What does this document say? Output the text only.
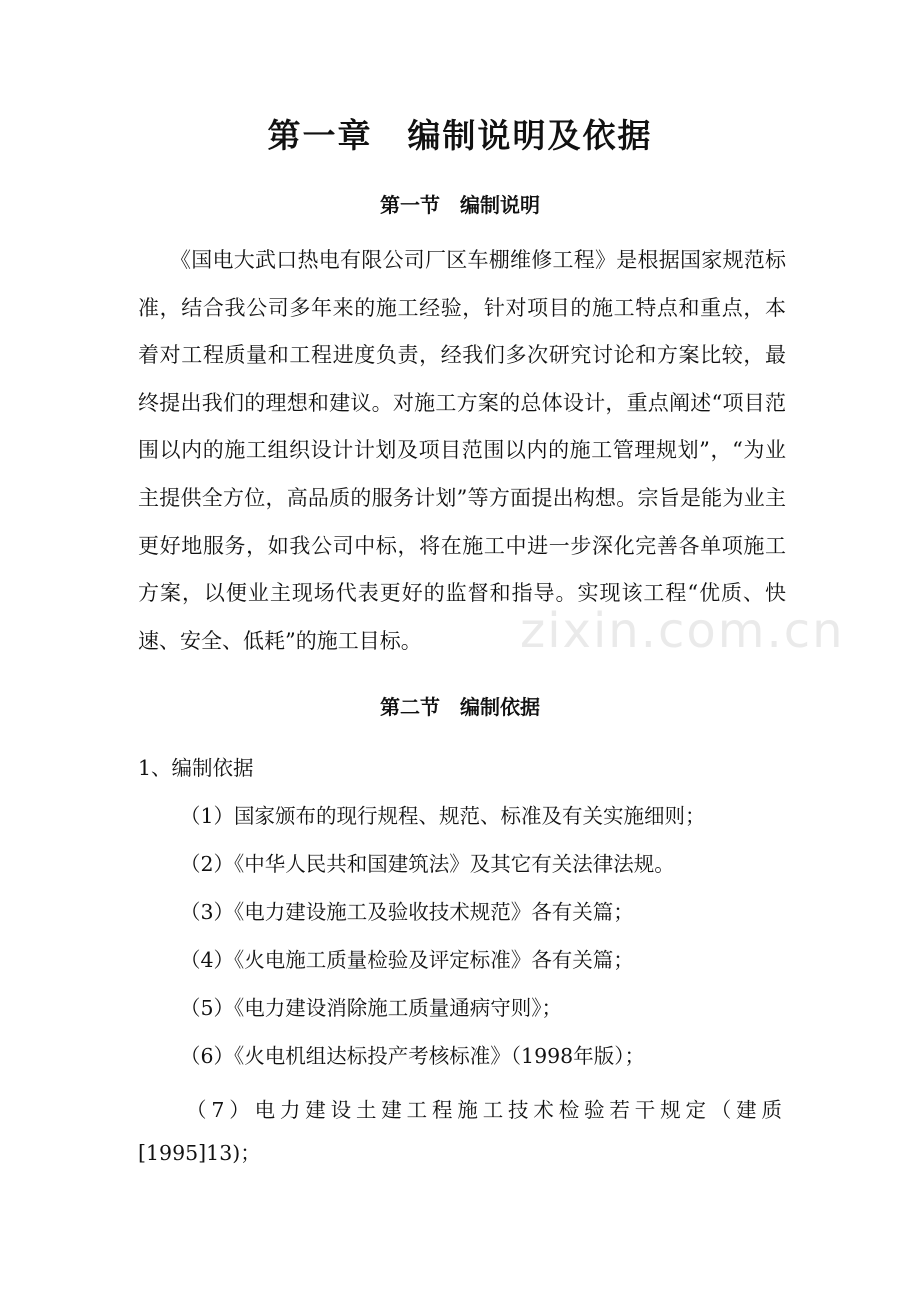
第一章　编制说明及依据
第一节　编制说明
《国电大武口热电有限公司厂区车棚维修工程》是根据国家规范标准，结合我公司多年来的施工经验，针对项目的施工特点和重点，本着对工程质量和工程进度负责，经我们多次研究讨论和方案比较，最终提出我们的理想和建议。对施工方案的总体设计，重点阐述“项目范围以内的施工组织设计计划及项目范围以内的施工管理规划”，“为业主提供全方位，高品质的服务计划”等方面提出构想。宗旨是能为业主更好地服务，如我公司中标，将在施工中进一步深化完善各单项施工方案，以便业主现场代表更好的监督和指导。实现该工程“优质、快速、安全、低耗”的施工目标。	zixin.com.cn
第二节　编制依据
1、编制依据
（1）国家颁布的现行规程、规范、标准及有关实施细则；
（2）《中华人民共和国建筑法》及其它有关法律法规。
（3）《电力建设施工及验收技术规范》各有关篇；
（4）《火电施工质量检验及评定标准》各有关篇；
（5）《电力建设消除施工质量通病守则》；
（6）《火电机组达标投产考核标准》（1998年版）；
（7）电力建设土建工程施工技术检验若干规定（建质[1995]13)；
